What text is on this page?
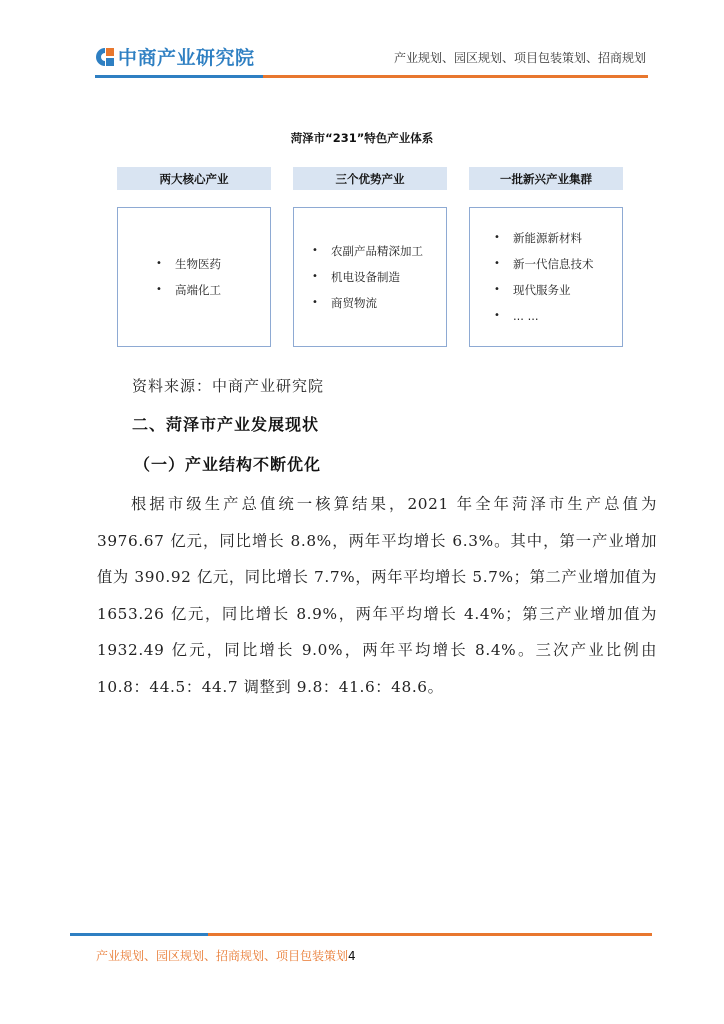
中商产业研究院	产业规划、园区规划、项目包装策划、招商规划
菏泽市“231”特色产业体系
两大核心产业	三个优势产业	一批新兴产业集群
• 生物医药
• 高端化工
• 农副产品精深加工
• 机电设备制造
• 商贸物流
• 新能源新材料
• 新一代信息技术
• 现代服务业
• ... ...
资料来源：中商产业研究院
二、菏泽市产业发展现状
（一）产业结构不断优化

根据市级生产总值统一核算结果，2021 年全年菏泽市生产总值为 3976.67 亿元，同比增长 8.8%，两年平均增长 6.3%。其中，第一产业增加值为 390.92 亿元，同比增长 7.7%，两年平均增长 5.7%；第二产业增加值为 1653.26 亿元，同比增长 8.9%，两年平均增长 4.4%；第三产业增加值为 1932.49 亿元，同比增长 9.0%，两年平均增长 8.4%。三次产业比例由 10.8：44.5：44.7 调整到 9.8：41.6：48.6。

产业规划、园区规划、招商规划、项目包装策划4
